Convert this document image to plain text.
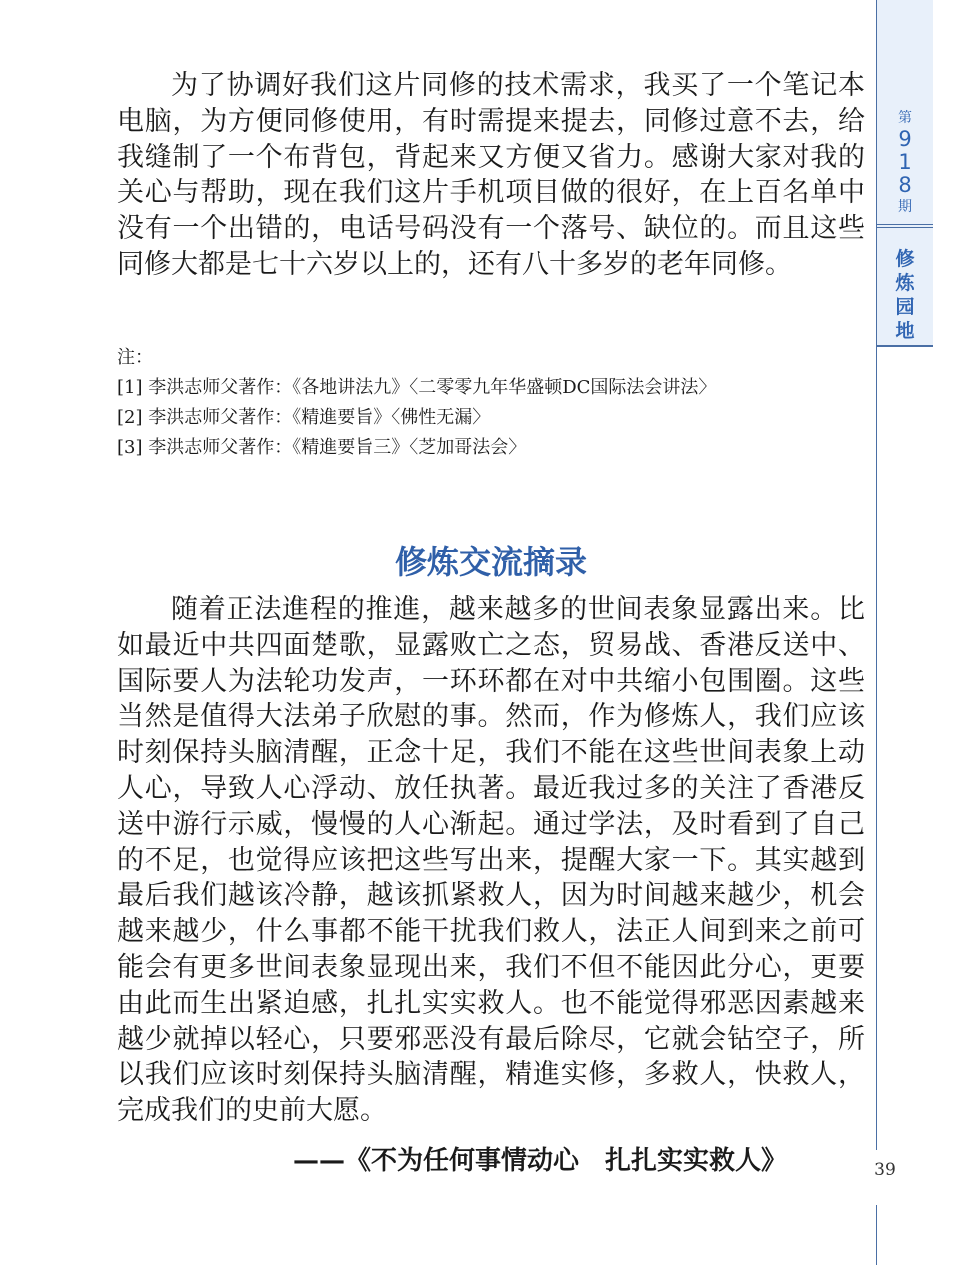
第
9
1
8
期
修
炼
园
地
39

为了协调好我们这片同修的技术需求，我买了一个笔记本电脑，为方便同修使用，有时需提来提去，同修过意不去，给我缝制了一个布背包，背起来又方便又省力。感谢大家对我的关心与帮助，现在我们这片手机项目做的很好，在上百名单中没有一个出错的，电话号码没有一个落号、缺位的。而且这些同修大都是七十六岁以上的，还有八十多岁的老年同修。

注：
[1] 李洪志师父著作：《各地讲法九》〈二零零九年华盛顿DC国际法会讲法〉
[2] 李洪志师父著作：《精進要旨》〈佛性无漏〉
[3] 李洪志师父著作：《精進要旨三》〈芝加哥法会〉
修炼交流摘录

随着正法進程的推進，越来越多的世间表象显露出来。比如最近中共四面楚歌，显露败亡之态，贸易战、香港反送中、国际要人为法轮功发声，一环环都在对中共缩小包围圈。这些当然是值得大法弟子欣慰的事。然而，作为修炼人，我们应该时刻保持头脑清醒，正念十足，我们不能在这些世间表象上动人心，导致人心浮动、放任执著。最近我过多的关注了香港反送中游行示威，慢慢的人心渐起。通过学法，及时看到了自己的不足，也觉得应该把这些写出来，提醒大家一下。其实越到最后我们越该冷静，越该抓紧救人，因为时间越来越少，机会越来越少，什么事都不能干扰我们救人，法正人间到来之前可能会有更多世间表象显现出来，我们不但不能因此分心，更要由此而生出紧迫感，扎扎实实救人。也不能觉得邪恶因素越来越少就掉以轻心，只要邪恶没有最后除尽，它就会钻空子，所以我们应该时刻保持头脑清醒，精進实修，多救人，快救人，完成我们的史前大愿。

——《不为任何事情动心　扎扎实实救人》
